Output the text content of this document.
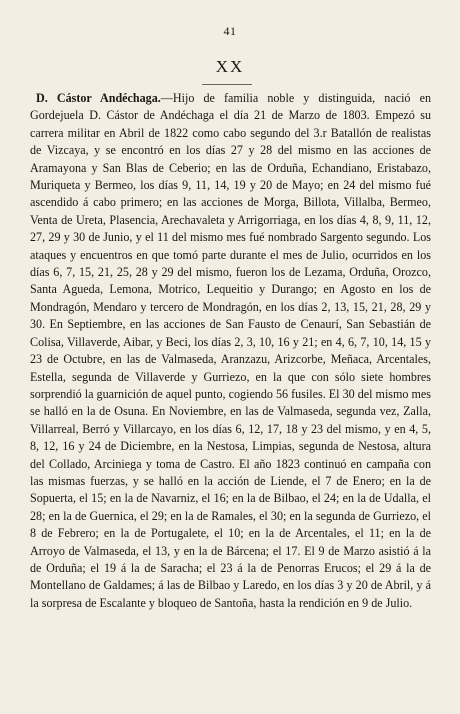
41
XX

D. Cástor Andéchaga.—Hijo de familia noble y distinguida, nació en Gordejuela D. Cástor de Andéchaga el día 21 de Marzo de 1803. Empezó su carrera militar en Abril de 1822 como cabo segundo del 3.r Batallón de realistas de Vizcaya, y se encontró en los días 27 y 28 del mismo en las acciones de Aramayona y San Blas de Ceberio; en las de Orduña, Echandiano, Eristabazo, Muriqueta y Bermeo, los días 9, 11, 14, 19 y 20 de Mayo; en 24 del mismo fué ascendido á cabo primero; en las acciones de Morga, Billota, Villalba, Bermeo, Venta de Ureta, Plasencia, Arechavaleta y Arrigorriaga, en los días 4, 8, 9, 11, 12, 27, 29 y 30 de Junio, y el 11 del mismo mes fué nombrado Sargento segundo. Los ataques y encuentros en que tomó parte durante el mes de Julio, ocurridos en los días 6, 7, 15, 21, 25, 28 y 29 del mismo, fueron los de Lezama, Orduña, Orozco, Santa Agueda, Lemona, Motrico, Lequeitio y Durango; en Agosto en los de Mondragón, Mendaro y tercero de Mondragón, en los días 2, 13, 15, 21, 28, 29 y 30. En Septiembre, en las acciones de San Fausto de Cenaurí, San Sebastián de Colisa, Villaverde, Aibar, y Beci, los días 2, 3, 10, 16 y 21; en 4, 6, 7, 10, 14, 15 y 23 de Octubre, en las de Valmaseda, Aranzazu, Arizcorbe, Meñaca, Arcentales, Estella, segunda de Villaverde y Gurriezo, en la que con sólo siete hombres sorprendió la guarnición de aquel punto, cogiendo 56 fusiles. El 30 del mismo mes se halló en la de Osuna. En Noviembre, en las de Valmaseda, segunda vez, Zalla, Villarreal, Berró y Villarcayo, en los días 6, 12, 17, 18 y 23 del mismo, y en 4, 5, 8, 12, 16 y 24 de Diciembre, en la Nestosa, Limpias, segunda de Nestosa, altura del Collado, Arciniega y toma de Castro. El año 1823 continuó en campaña con las mismas fuerzas, y se halló en la acción de Liende, el 7 de Enero; en la de Sopuerta, el 15; en la de Navarniz, el 16; en la de Bilbao, el 24; en la de Udalla, el 28; en la de Guernica, el 29; en la de Ramales, el 30; en la segunda de Gurriezo, el 8 de Febrero; en la de Portugalete, el 10; en la de Arcentales, el 11; en la de Arroyo de Valmaseda, el 13, y en la de Bárcena; el 17. El 9 de Marzo asistió á la de Orduña; el 19 á la de Saracha; el 23 á la de Penorras Erucos; el 29 á la de Montellano de Galdames; á las de Bilbao y Laredo, en los días 3 y 20 de Abril, y á la sorpresa de Escalante y bloqueo de Santoña, hasta la rendición en 9 de Julio.
